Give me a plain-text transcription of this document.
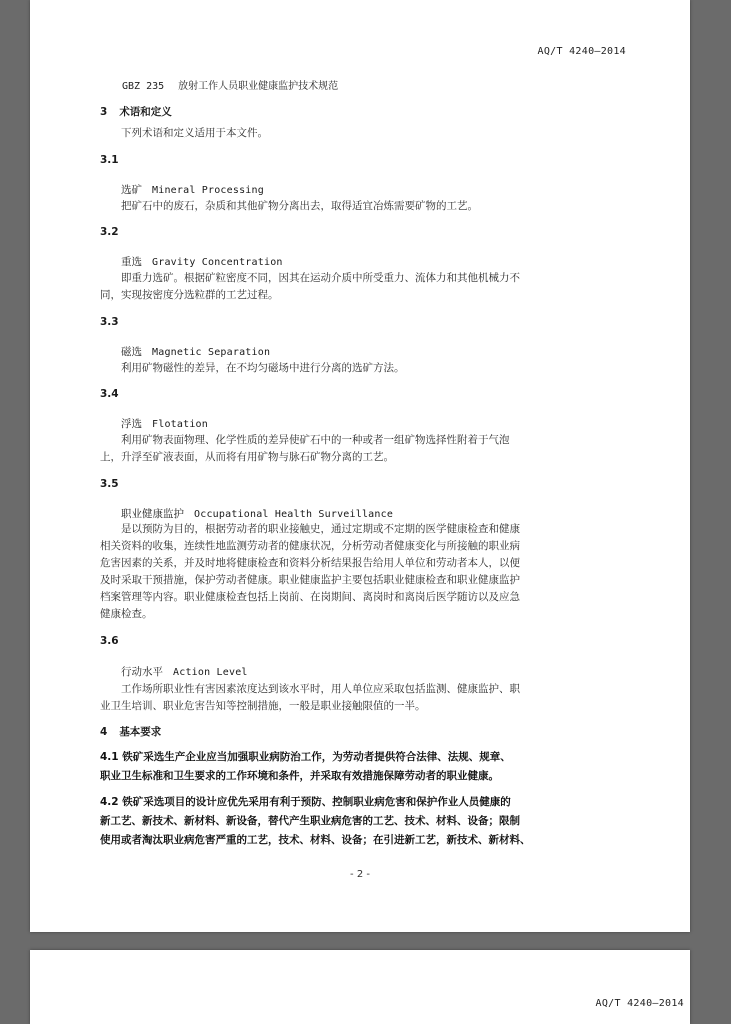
AQ/T 4240—2014
GBZ 235 放射工作人员职业健康监护技术规范
3 术语和定义
下列术语和定义适用于本文件。
3.1
选矿 Mineral Processing
把矿石中的废石，杂质和其他矿物分离出去，取得适宜冶炼需要矿物的工艺。
3.2
重选 Gravity Concentration
即重力选矿。根据矿粒密度不同，因其在运动介质中所受重力、流体力和其他机械力不
同，实现按密度分选粒群的工艺过程。
3.3
磁选 Magnetic Separation
利用矿物磁性的差异，在不均匀磁场中进行分离的选矿方法。
3.4
浮选 Flotation
利用矿物表面物理、化学性质的差异使矿石中的一种或者一组矿物选择性附着于气泡
上，升浮至矿液表面，从而将有用矿物与脉石矿物分离的工艺。
3.5
职业健康监护 Occupational Health Surveillance
是以预防为目的，根据劳动者的职业接触史，通过定期或不定期的医学健康检查和健康
相关资料的收集，连续性地监测劳动者的健康状况，分析劳动者健康变化与所接触的职业病
危害因素的关系，并及时地将健康检查和资料分析结果报告给用人单位和劳动者本人，以便
及时采取干预措施，保护劳动者健康。职业健康监护主要包括职业健康检查和职业健康监护
档案管理等内容。职业健康检查包括上岗前、在岗期间、离岗时和离岗后医学随访以及应急
健康检查。
3.6
行动水平 Action Level
工作场所职业性有害因素浓度达到该水平时，用人单位应采取包括监测、健康监护、职
业卫生培训、职业危害告知等控制措施，一般是职业接触限值的一半。
4 基本要求
4.1 铁矿采选生产企业应当加强职业病防治工作，为劳动者提供符合法律、法规、规章、
职业卫生标准和卫生要求的工作环境和条件，并采取有效措施保障劳动者的职业健康。
4.2 铁矿采选项目的设计应优先采用有利于预防、控制职业病危害和保护作业人员健康的
新工艺、新技术、新材料、新设备，替代产生职业病危害的工艺、技术、材料、设备；限制
使用或者淘汰职业病危害严重的工艺，技术、材料、设备；在引进新工艺，新技术、新材料、
- 2 -
AQ/T 4240—2014
